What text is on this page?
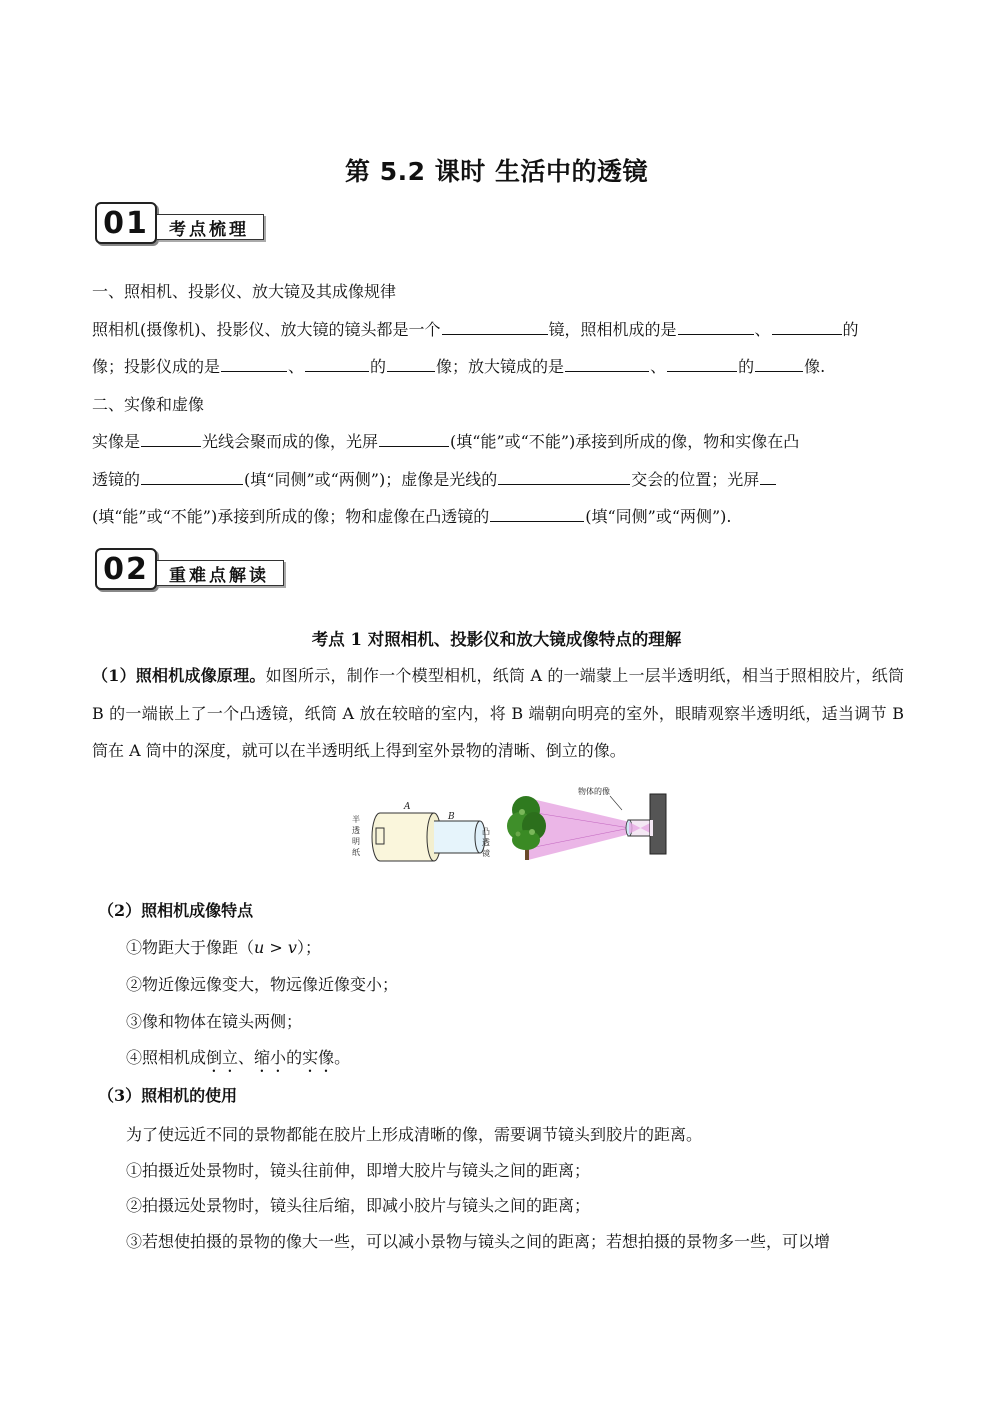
第 5.2 课时 生活中的透镜
01	考点梳理
一、照相机、投影仪、放大镜及其成像规律
照相机(摄像机)、投影仪、放大镜的镜头都是一个	镜，照相机成的是	、	的
像；投影仪成的是	、	的	像；放大镜成的是	、	的	像.
二、实像和虚像
实像是	光线会聚而成的像，光屏	(填“能”或“不能”)承接到所成的像，物和实像在凸
透镜的	(填“同侧”或“两侧”)；虚像是光线的	交会的位置；光屏
(填“能”或“不能”)承接到所成的像；物和虚像在凸透镜的	(填“同侧”或“两侧”).
02	重难点解读
考点 1 对照相机、投影仪和放大镜成像特点的理解
（1）照相机成像原理。如图所示，制作一个模型相机，纸筒 A 的一端蒙上一层半透明纸，相当于照相胶片，纸筒 B 的一端嵌上了一个凸透镜，纸筒 A 放在较暗的室内，将 B 端朝向明亮的室外，眼睛观察半透明纸，适当调节 B 筒在 A 筒中的深度，就可以在半透明纸上得到室外景物的清晰、倒立的像。
半
透
明
纸
A
B
凸
透
镜
物体的像
（2）照相机成像特点
①物距大于像距（u > v）；
②物近像远像变大，物远像近像变小；
③像和物体在镜头两侧；
④照相机成倒立、缩小的实像。
（3）照相机的使用
为了使远近不同的景物都能在胶片上形成清晰的像，需要调节镜头到胶片的距离。
①拍摄近处景物时，镜头往前伸，即增大胶片与镜头之间的距离；
②拍摄远处景物时，镜头往后缩，即减小胶片与镜头之间的距离；
③若想使拍摄的景物的像大一些，可以减小景物与镜头之间的距离；若想拍摄的景物多一些，可以增
